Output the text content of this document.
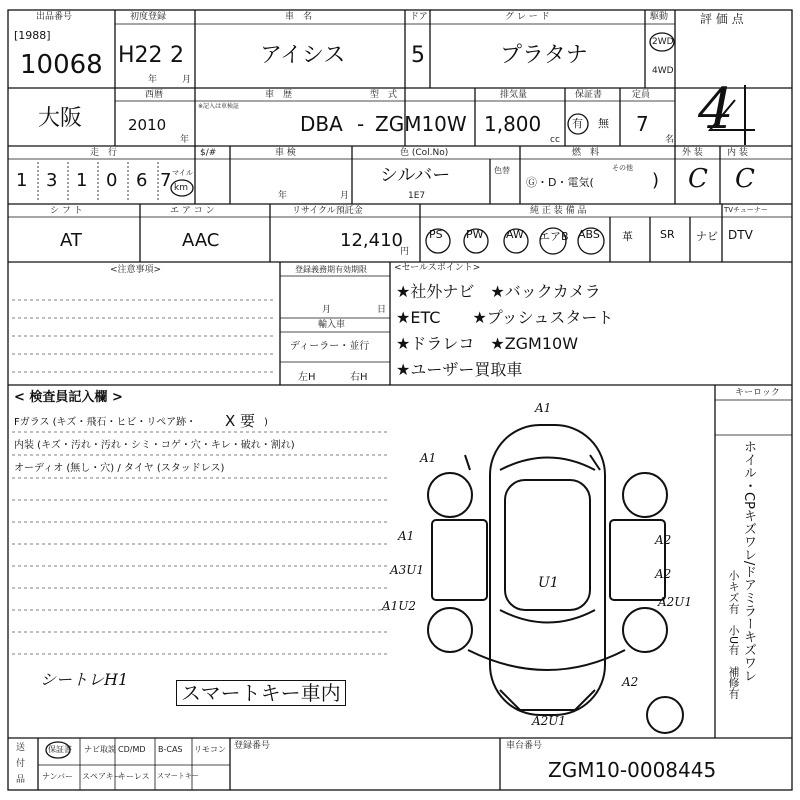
出品番号
[1988]
10068
初度登録
H22 2
年	月
車　名
アイシス
ドア
5
グ レ ー ド
プラタナ
駆動
2WD
4WD
評 価 点
大阪
西暦
2010
年
車　歴
※記入は車検証
型　式
DBA - ZGM10W
排気量
1,800
cc
保証書
有 無
定員
7
名 4
走　行
1 3 1 0 6 7 マイル
km
$/#	車 検
年	月
色 (Col.No)
シルバー
1E7
色替
燃　料
Ⓖ・D・電気(
その他
)
外 装	内 装
C C
シ フ ト
AT
エ ア コ ン
AAC
リサイクル預託金
12,410
円
純 正 装 備 品	TVチューナー
PS PW AW エアB ABS 革 SR ナビ DTV
<注意事項>	登録義務期有効期限
月	日
輸入車
ディーラー・並行
左H	右H
<セールスポイント>
★社外ナビ　★バックカメラ
★ETC　　★プッシュスタート
★ドラレコ　★ZGM10W
★ユーザー買取車
< 検査員記入欄 >
Fガラス (キズ・飛石・ヒビ・リペア跡・ X 要 )
内装 (キズ・汚れ・汚れ・シミ・コゲ・穴・キレ・破れ・割れ)
オーディオ (無し・穴) / タイヤ (スタッドレス)
シートレH1
スマートキー車内
キーロック
ホイル・CPキズワレ/ドアミラーキズワレ
小キズ有　小U有　補修有
A1
A1
A1	A2
A3U1	A2
A1U2	A2U1
U1
A2
A2U1
送
付
品
保証書 ナビ取説 CD/MD B-CAS リモコン
ナンバー スペアキー
キーレス スマートキー
登録番号	車台番号
ZGM10-0008445
